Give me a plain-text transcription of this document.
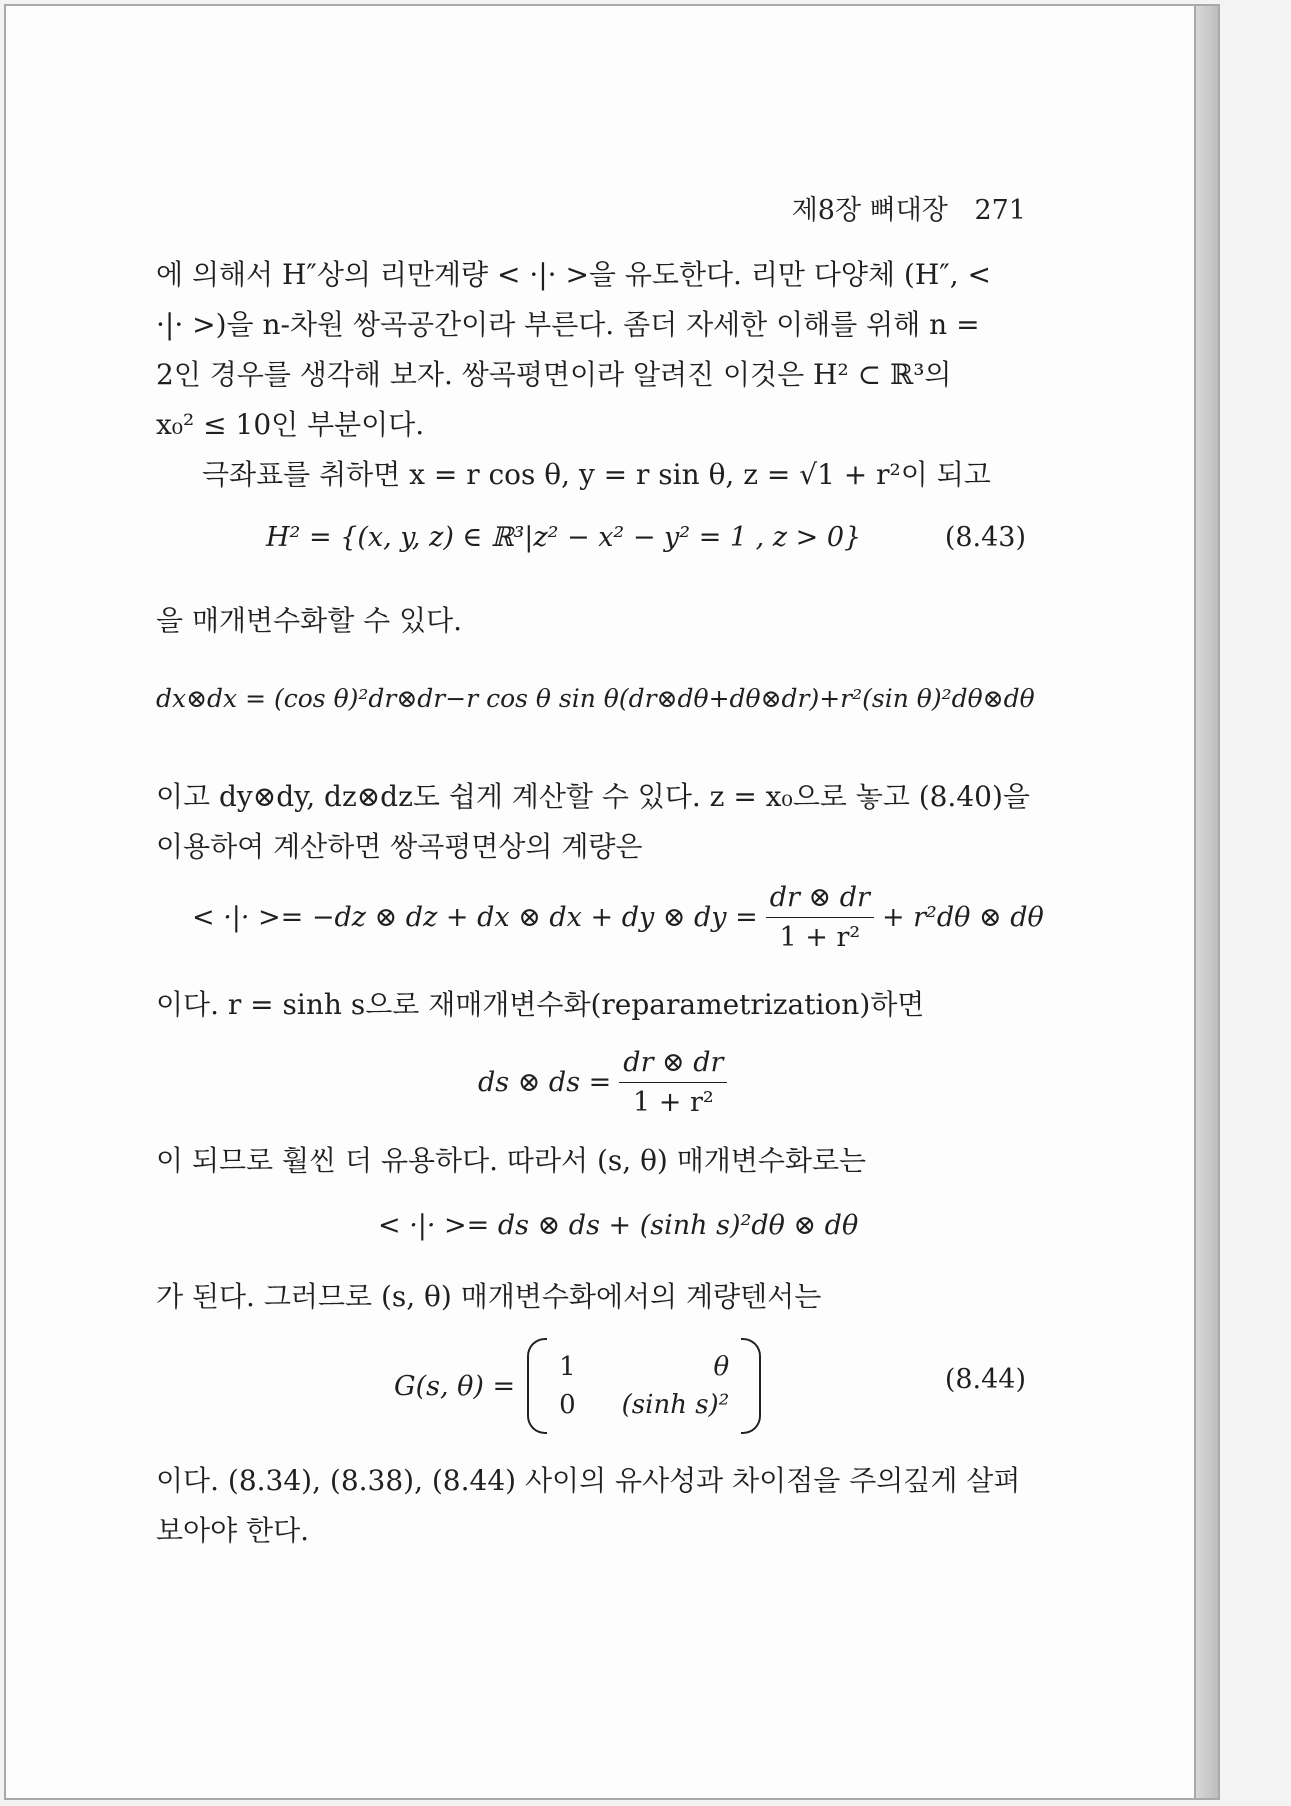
제8장 뼈대장 271
에 의해서 H″상의 리만계량 < ·|· >을 유도한다. 리만 다양체 (H″, <
·|· >)을 n-차원 쌍곡공간이라 부른다. 좀더 자세한 이해를 위해 n =
2인 경우를 생각해 보자. 쌍곡평면이라 알려진 이것은 H² ⊂ ℝ³의
x₀² ≤ 10인 부분이다.
극좌표를 취하면 x = r cos θ, y = r sin θ, z = √1 + r²이 되고
H² = {(x, y, z) ∈ ℝ³|z² − x² − y² = 1 , z > 0}	(8.43)
을 매개변수화할 수 있다.
dx⊗dx = (cos θ)²dr⊗dr−r cos θ sin θ(dr⊗dθ+dθ⊗dr)+r²(sin θ)²dθ⊗dθ
이고 dy⊗dy, dz⊗dz도 쉽게 계산할 수 있다. z = x₀으로 놓고 (8.40)을
이용하여 계산하면 쌍곡평면상의 계량은
< ·|· >= −dz ⊗ dz + dx ⊗ dx + dy ⊗ dy = $\frac{dr \otimes dr}{\text{1 + r²}} + r^2d\theta$ ⊗ dθ
이다. r = sinh s으로 재매개변수화(reparametrization)하면
ds ⊗ ds = $\frac{dr \otimes dr}{\text{1 + r²}}$
이 되므로 훨씬 더 유용하다. 따라서 (s, θ) 매개변수화로는
< ·|· >= ds ⊗ ds + (sinh s)²dθ ⊗ dθ
가 된다. 그러므로 (s, θ) 매개변수화에서의 계량텐서는
G(s, θ) =
1	θ
0	(sinh s)²
(8.44)
이다. (8.34), (8.38), (8.44) 사이의 유사성과 차이점을 주의깊게 살펴
보아야 한다.
